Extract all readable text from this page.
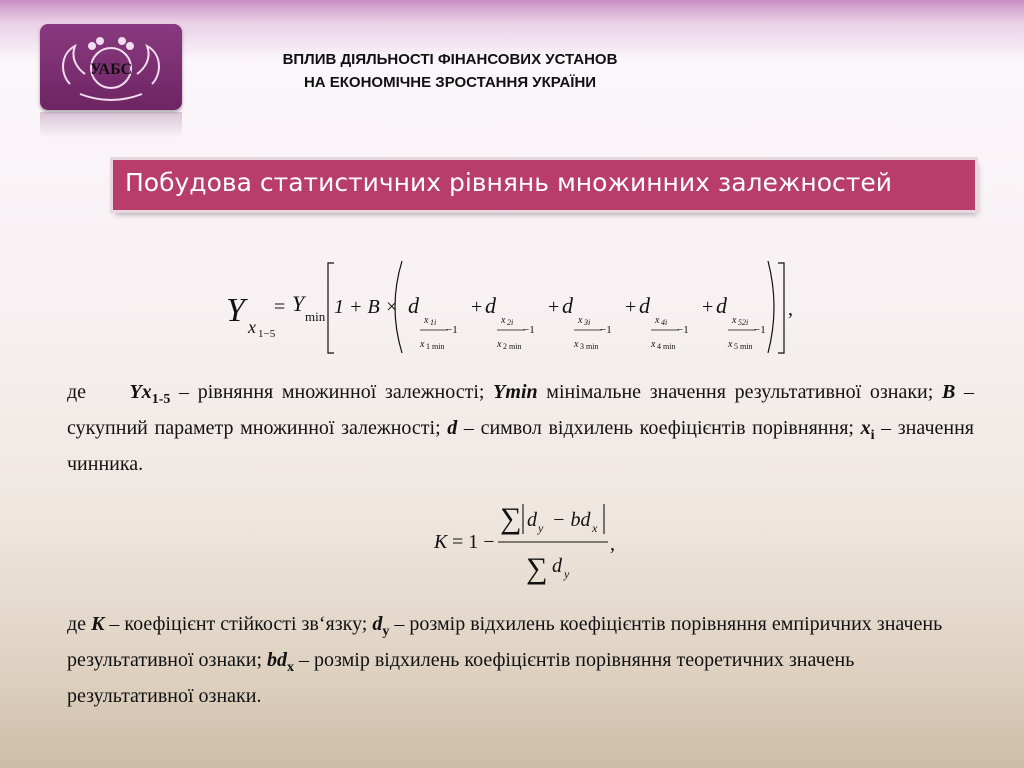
УАБС
ВПЛИВ ДІЯЛЬНОСТІ ФІНАНСОВИХ УСТАНОВ
НА ЕКОНОМІЧНЕ ЗРОСТАННЯ УКРАЇНИ
Побудова статистичних рівнянь множинних залежностей
Y x 1−5
= Y
min 1 + B × d
x 1i
−1
x 1 min
+ d
x 2i
−1
x 2 min
+ d
x 3i
−1
x 3 min
+ d
x 4i
−1
x 4 min
+ d
x 52i
−1
x 5 min
,
де $Yx_{1-5}$ – рівняння множинної залежності; Ymin мінімальне значення результативної ознаки; B – сукупний параметр множинної залежності; d – символ відхилень коефіцієнтів порівняння; $x_i$ – значення чинника.
K = 1 −
∑ d y − bd x
∑ d y
,
де K – коефіцієнт стійкості зв‘язку; $d_y$ – розмір відхилень коефіцієнтів порівняння емпіричних значень результативної ознаки; $bd_x$ – розмір відхилень коефіцієнтів порівняння теоретичних значень результативної ознаки.
